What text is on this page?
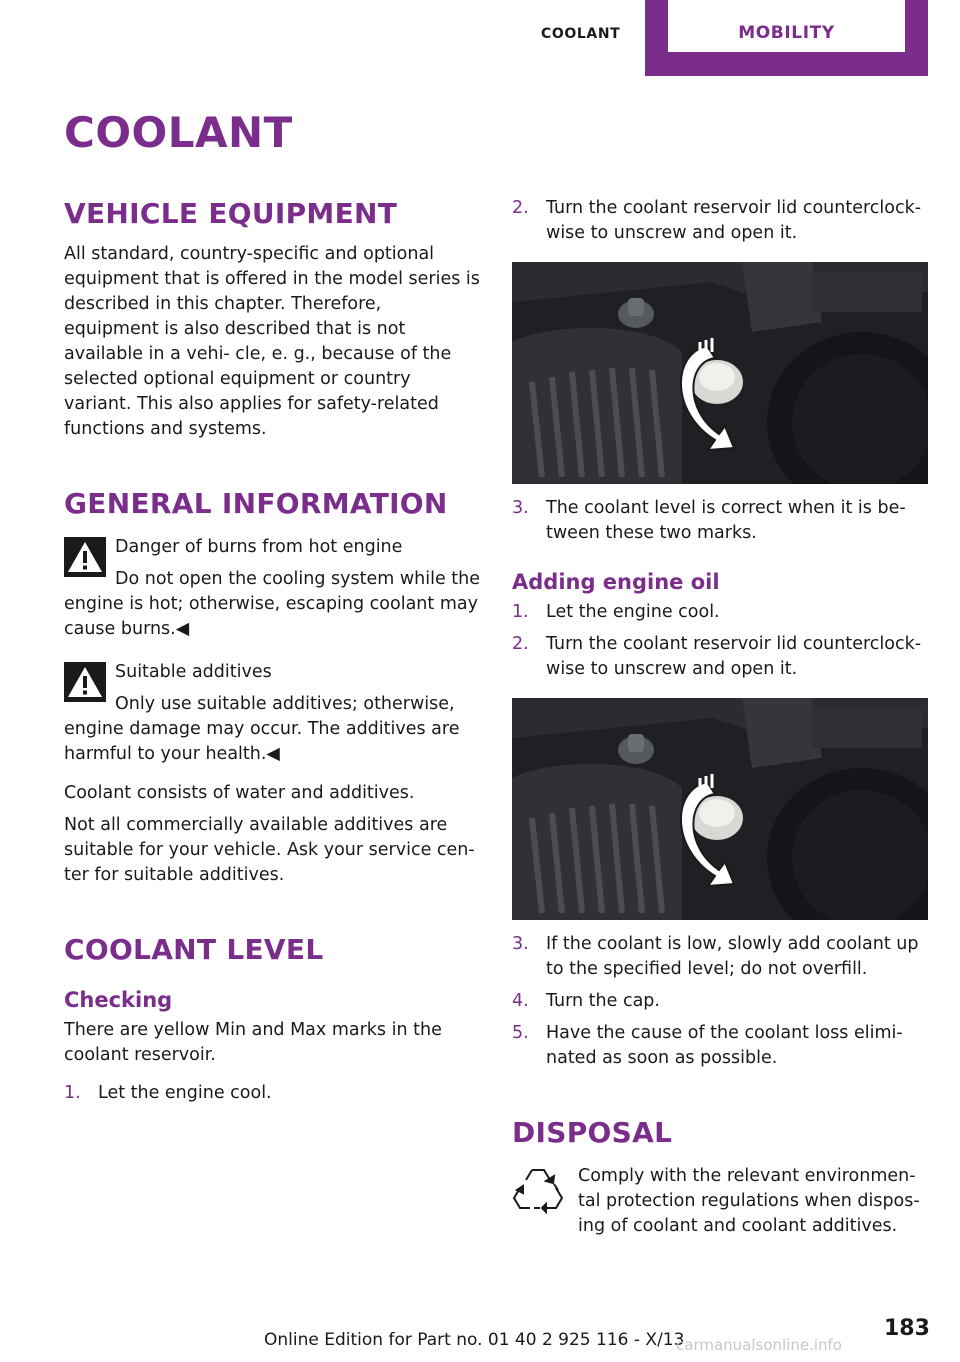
COOLANT	MOBILITY
COOLANT
VEHICLE EQUIPMENT

All standard, country-specific and optional equipment that is offered in the model series is described in this chapter. Therefore, equipment is also described that is not available in a vehi‐ cle, e. g., because of the selected optional equipment or country variant. This also applies for safety-related functions and systems.

GENERAL INFORMATION

Danger of burns from hot engine

Do not open the cooling system while the engine is hot; otherwise, escaping coolant may cause burns.◀

Suitable additives

Only use suitable additives; otherwise, engine damage may occur. The additives are harmful to your health.◀

Coolant consists of water and additives.

Not all commercially available additives are suitable for your vehicle. Ask your service cen‐ ter for suitable additives.

COOLANT LEVEL
Checking

There are yellow Min and Max marks in the coolant reservoir.

1. Let the engine cool.
2. Turn the coolant reservoir lid counterclock‐ wise to unscrew and open it.
3. The coolant level is correct when it is be‐ tween these two marks.
Adding engine oil
1. Let the engine cool.
2. Turn the coolant reservoir lid counterclock‐ wise to unscrew and open it.
3. If the coolant is low, slowly add coolant up to the specified level; do not overfill.
4. Turn the cap.
5. Have the cause of the coolant loss elimi‐ nated as soon as possible.
DISPOSAL

Comply with the relevant environmen‐ tal protection regulations when dispos‐ ing of coolant and coolant additives.

Online Edition for Part no. 01 40 2 925 116 - X/13	183
carmanualsonline.info
